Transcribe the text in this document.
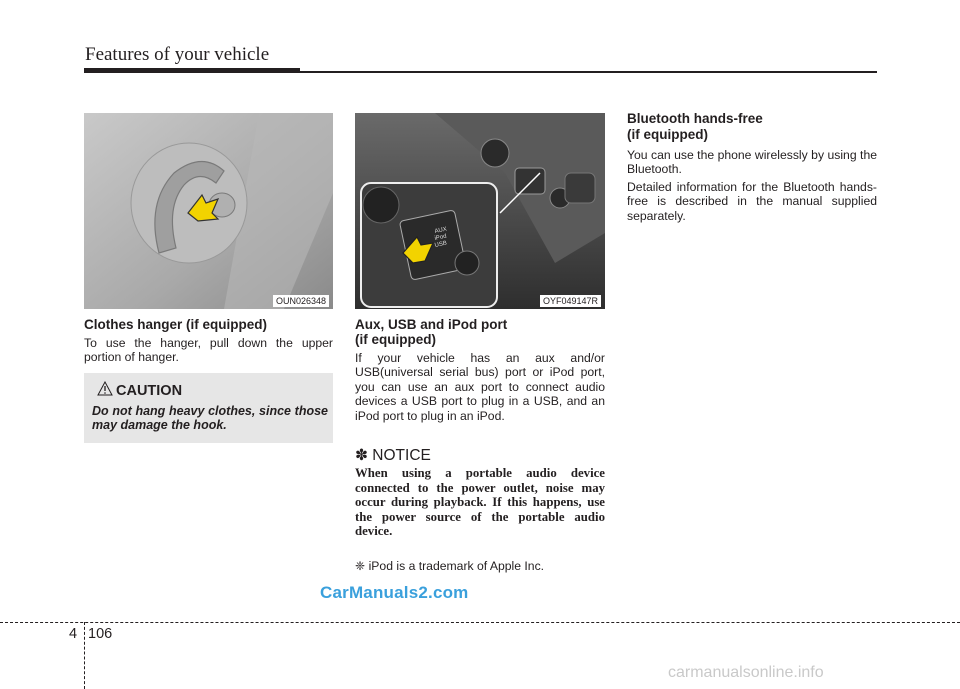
Features of your vehicle
OUN026348
AUX
iPod
USB
OYF049147R
Clothes hanger (if equipped)
To use the hanger, pull down the upper portion of hanger.
CAUTION
Do not hang heavy clothes, since those may damage the hook.
Aux, USB and iPod port
(if equipped)
If your vehicle has an aux and/or USB(universal serial bus) port or iPod port, you can use an aux port to connect audio devices a USB port to plug in a USB, and an iPod port to plug in an iPod.
✽ NOTICE
When using a portable audio device connected to the power outlet, noise may occur during playback. If this happens, use the power source of the portable audio device.
❈ iPod is a trademark of Apple Inc.
Bluetooth hands-free
(if equipped)
You can use the phone wirelessly by using the Bluetooth.
Detailed information for the Bluetooth hands-free is described in the manual supplied separately.
CarManuals2.com
carmanualsonline.info
4 106
